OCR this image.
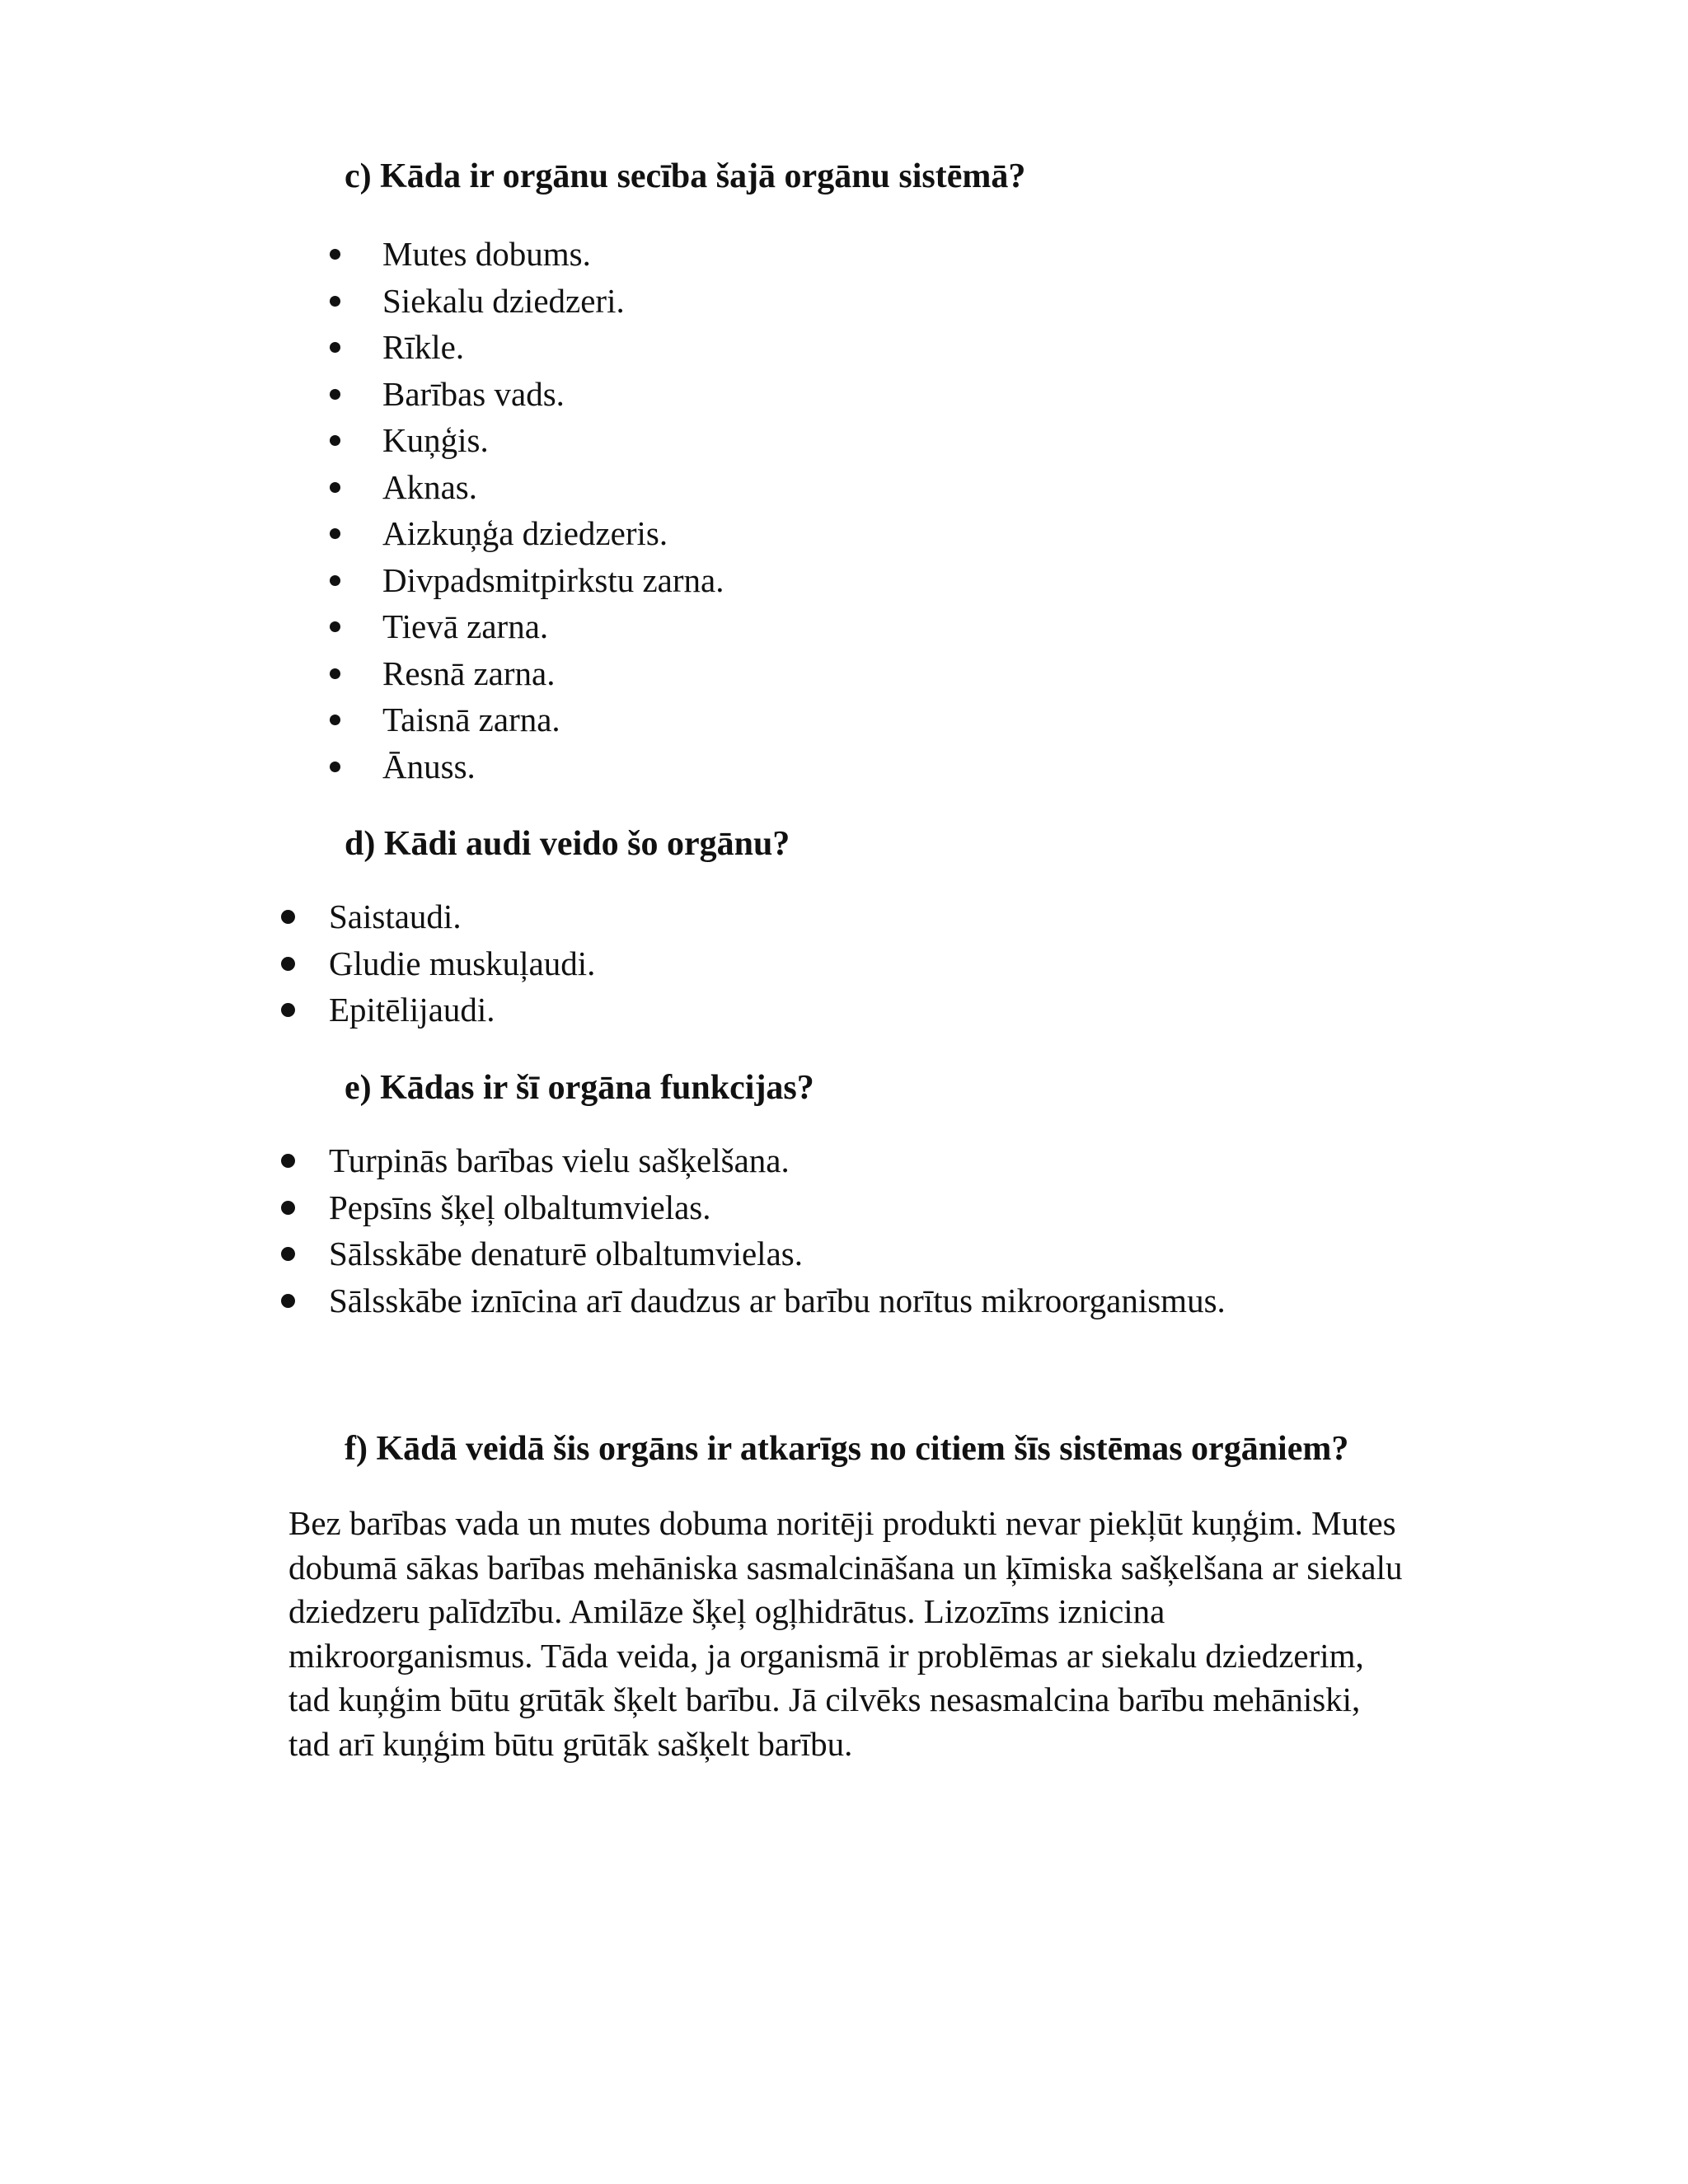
c) Kāda ir orgānu secība šajā orgānu sistēmā?
Mutes dobums.
Siekalu dziedzeri.
Rīkle.
Barības vads.
Kuņģis.
Aknas.
Aizkuņģa dziedzeris.
Divpadsmitpirkstu zarna.
Tievā zarna.
Resnā zarna.
Taisnā zarna.
Ānuss.
d) Kādi audi veido šo orgānu?
Saistaudi.
Gludie muskuļaudi.
Epitēlijaudi.
e) Kādas ir šī orgāna funkcijas?
Turpinās barības vielu sašķelšana.
Pepsīns šķeļ olbaltumvielas.
Sālsskābe denaturē olbaltumvielas.
Sālsskābe iznīcina arī daudzus ar barību norītus mikroorganismus.
f) Kādā veidā šis orgāns ir atkarīgs no citiem šīs sistēmas orgāniem?

Bez barības vada un mutes dobuma noritēji produkti nevar piekļūt kuņģim. Mutes
dobumā sākas barības mehāniska sasmalcināšana un ķīmiska sašķelšana ar siekalu
dziedzeru palīdzību. Amilāze šķeļ ogļhidrātus. Lizozīms iznicina
mikroorganismus. Tāda veida, ja organismā ir problēmas ar siekalu dziedzerim,
tad kuņģim būtu grūtāk šķelt barību. Jā cilvēks nesasmalcina barību mehāniski,
tad arī kuņģim būtu grūtāk sašķelt barību.
